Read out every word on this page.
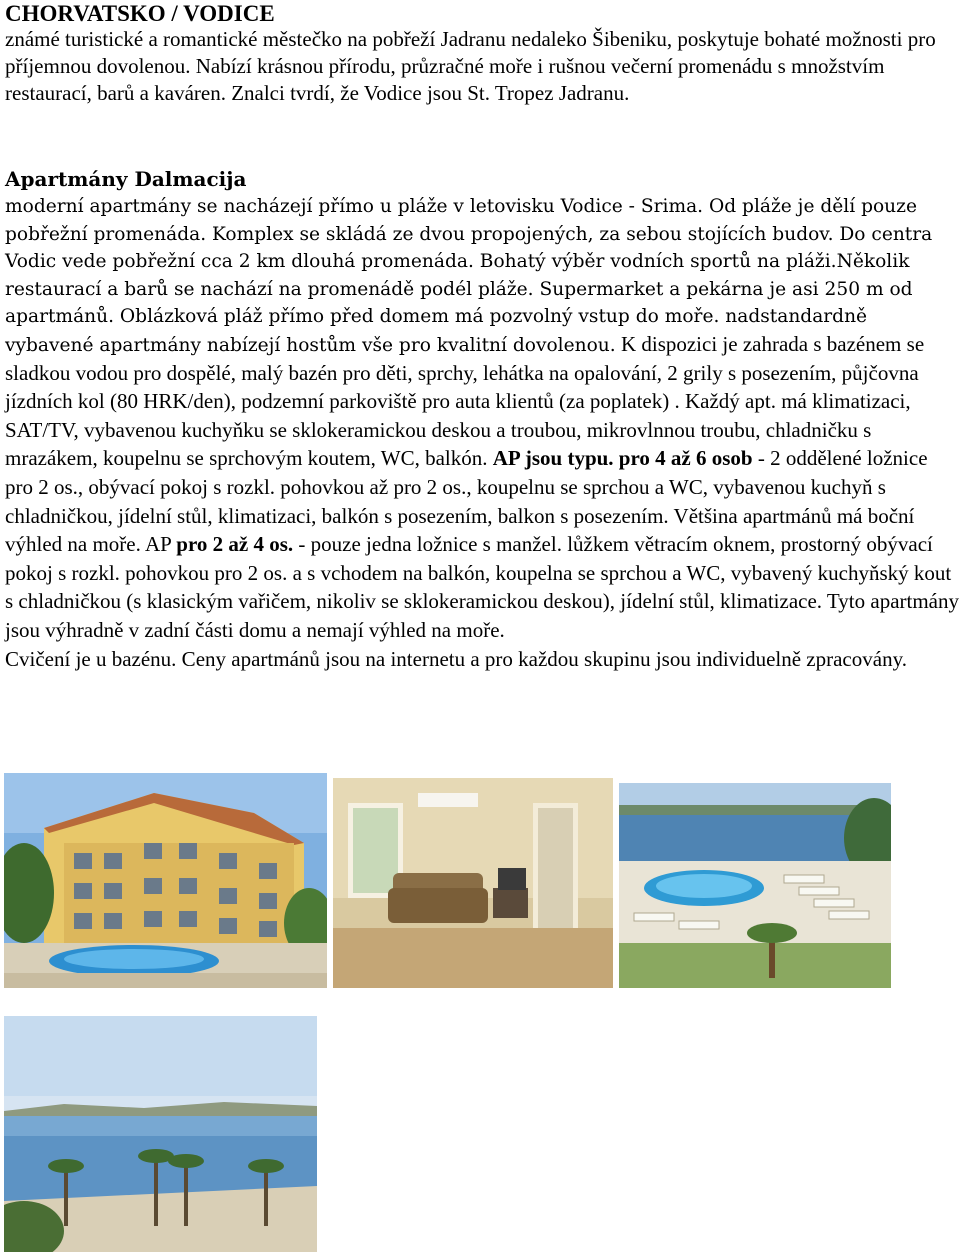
CHORVATSKO / VODICE
známé turistické a romantické městečko na pobřeží Jadranu nedaleko Šibeniku, poskytuje bohaté možnosti pro příjemnou dovolenou. Nabízí krásnou přírodu, průzračné moře i rušnou večerní promenádu s množstvím restaurací, barů a kaváren. Znalci tvrdí, že Vodice jsou St. Tropez Jadranu.
Apartmány Dalmacija
moderní apartmány se nacházejí přímo u pláže v letovisku Vodice - Srima. Od pláže je dělí pouze pobřežní promenáda. Komplex se skládá ze dvou propojených, za sebou stojících budov. Do centra Vodic vede pobřežní cca 2 km dlouhá promenáda. Bohatý výběr vodních sportů na pláži.Několik restaurací a barů se nachází na promenádě podél pláže. Supermarket a pekárna je asi 250 m od apartmánů. Oblázková pláž přímo před domem má pozvolný vstup do moře. nadstandardně vybavené apartmány nabízejí hostům vše pro kvalitní dovolenou. K dispozici je zahrada s bazénem se sladkou vodou pro dospělé, malý bazén pro děti, sprchy, lehátka na opalování, 2 grily s posezením, půjčovna jízdních kol (80 HRK/den), podzemní parkoviště pro auta klientů (za poplatek) . Každý apt. má klimatizaci, SAT/TV, vybavenou kuchyňku se sklokeramickou deskou a troubou, mikrovlnnou troubu, chladničku s mrazákem, koupelnu se sprchovým koutem, WC, balkón. AP jsou typu. pro 4 až 6 osob - 2 oddělené ložnice pro 2 os., obývací pokoj s rozkl. pohovkou až pro 2 os., koupelnu se sprchou a WC, vybavenou kuchyň s chladničkou, jídelní stůl, klimatizaci, balkón s posezením, balkon s posezením. Většina apartmánů má boční výhled na moře. AP pro 2 až 4 os. - pouze jedna ložnice s manžel. lůžkem větracím oknem, prostorný obývací pokoj s rozkl. pohovkou pro 2 os. a s vchodem na balkón, koupelna se sprchou a WC, vybavený kuchyňský kout s chladničkou (s klasickým vařičem, nikoliv se sklokeramickou deskou), jídelní stůl, klimatizace. Tyto apartmány jsou výhradně v zadní části domu a nemají výhled na moře.
Cvičení je u bazénu. Ceny apartmánů jsou na internetu a pro každou skupinu jsou individuelně zpracovány.
